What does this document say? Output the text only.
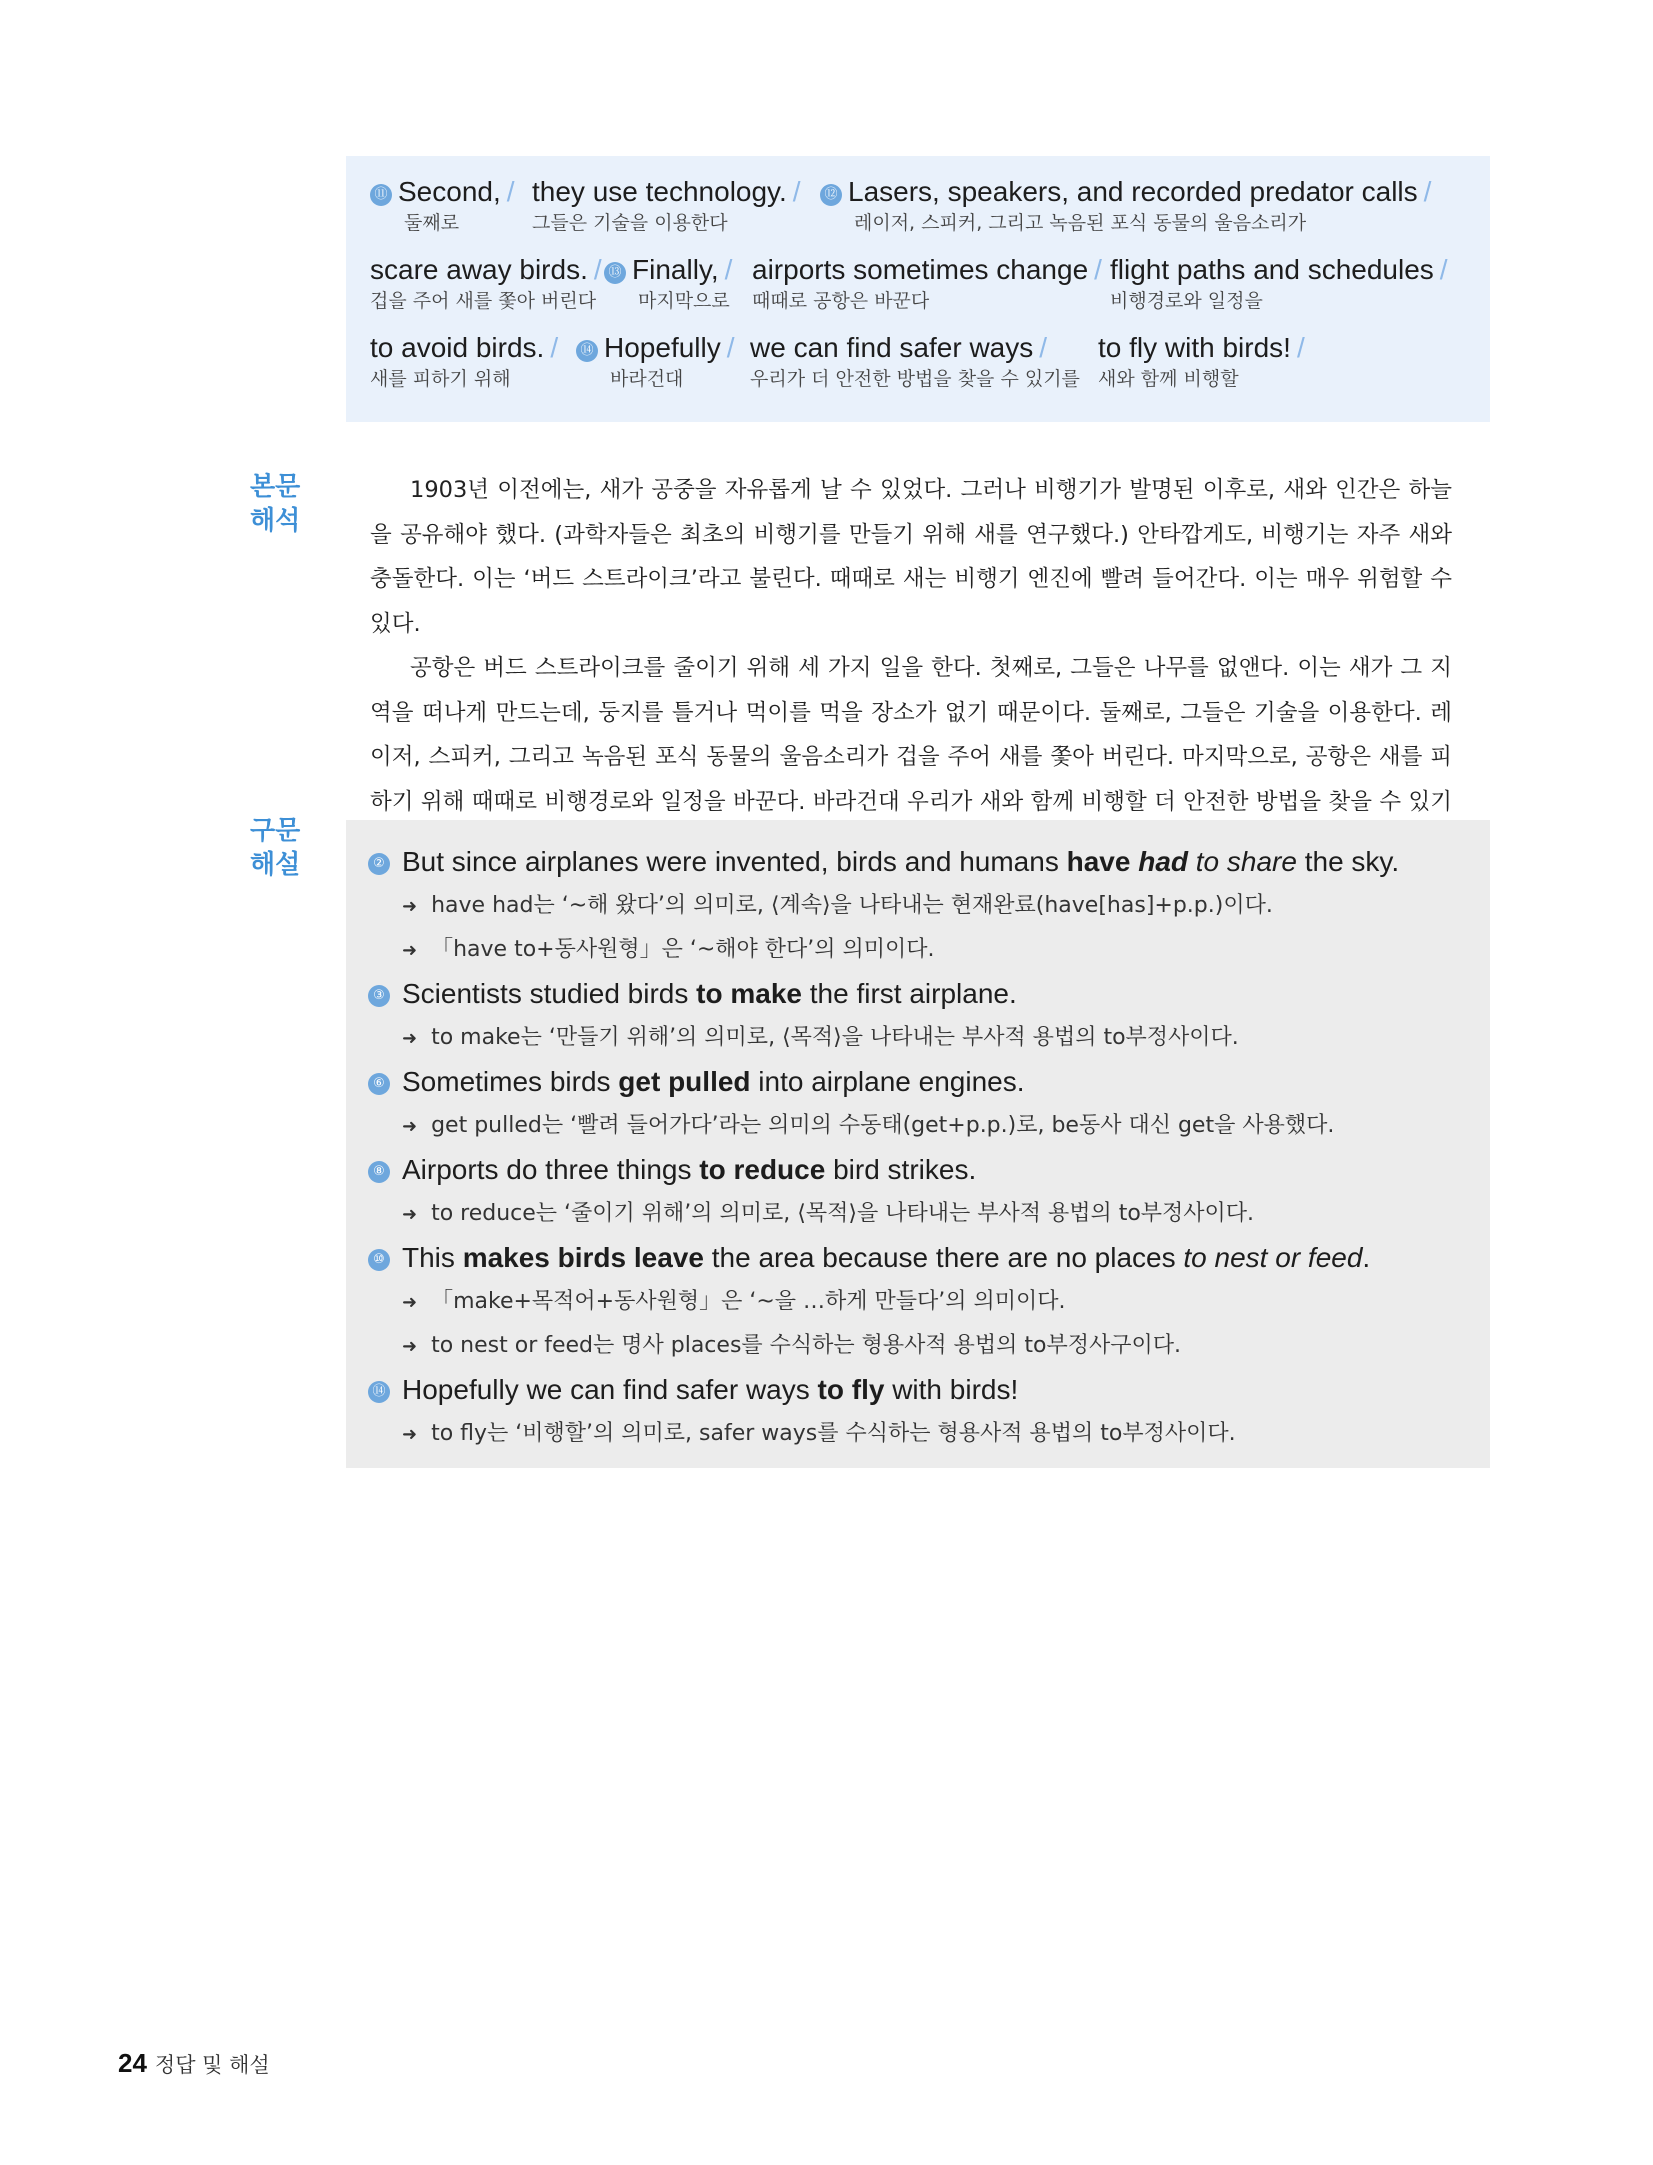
⑪ Second, /
둘째로
they use technology. /
그들은 기술을 이용한다
⑫ Lasers, speakers, and recorded predator calls /
레이저, 스피커, 그리고 녹음된 포식 동물의 울음소리가
scare away birds. /
겁을 주어 새를 쫓아 버린다
⑬ Finally, /
마지막으로
airports sometimes change /
때때로 공항은 바꾼다
flight paths and schedules /
비행경로와 일정을
to avoid birds. /
새를 피하기 위해
⑭ Hopefully /
바라건대
we can find safer ways /
우리가 더 안전한 방법을 찾을 수 있기를
to fly with birds! /
새와 함께 비행할
본문
해석

1903년 이전에는, 새가 공중을 자유롭게 날 수 있었다. 그러나 비행기가 발명된 이후로, 새와 인간은 하늘을 공유해야 했다. (과학자들은 최초의 비행기를 만들기 위해 새를 연구했다.) 안타깝게도, 비행기는 자주 새와 충돌한다. 이는 ‘버드 스트라이크’라고 불린다. 때때로 새는 비행기 엔진에 빨려 들어간다. 이는 매우 위험할 수 있다.

공항은 버드 스트라이크를 줄이기 위해 세 가지 일을 한다. 첫째로, 그들은 나무를 없앤다. 이는 새가 그 지역을 떠나게 만드는데, 둥지를 틀거나 먹이를 먹을 장소가 없기 때문이다. 둘째로, 그들은 기술을 이용한다. 레이저, 스피커, 그리고 녹음된 포식 동물의 울음소리가 겁을 주어 새를 쫓아 버린다. 마지막으로, 공항은 새를 피하기 위해 때때로 비행경로와 일정을 바꾼다. 바라건대 우리가 새와 함께 비행할 더 안전한 방법을 찾을 수 있기

구문
해설	② But since airplanes were invented, birds and humans have had to share the sky.
➜ have had는 ‘~해 왔다’의 의미로, ⟨계속⟩을 나타내는 현재완료(have[has]+p.p.)이다.
➜ 「have to+동사원형」은 ‘~해야 한다’의 의미이다.
③ Scientists studied birds to make the first airplane.
➜ to make는 ‘만들기 위해’의 의미로, ⟨목적⟩을 나타내는 부사적 용법의 to부정사이다.
⑥ Sometimes birds get pulled into airplane engines.
➜ get pulled는 ‘빨려 들어가다’라는 의미의 수동태(get+p.p.)로, be동사 대신 get을 사용했다.
⑧ Airports do three things to reduce bird strikes.
➜ to reduce는 ‘줄이기 위해’의 의미로, ⟨목적⟩을 나타내는 부사적 용법의 to부정사이다.
⑩ This makes birds leave the area because there are no places to nest or feed.
➜ 「make+목적어+동사원형」은 ‘~을 …하게 만들다’의 의미이다.
➜ to nest or feed는 명사 places를 수식하는 형용사적 용법의 to부정사구이다.
⑭ Hopefully we can find safer ways to fly with birds!
➜ to fly는 ‘비행할’의 의미로, safer ways를 수식하는 형용사적 용법의 to부정사이다.
24 정답 및 해설
